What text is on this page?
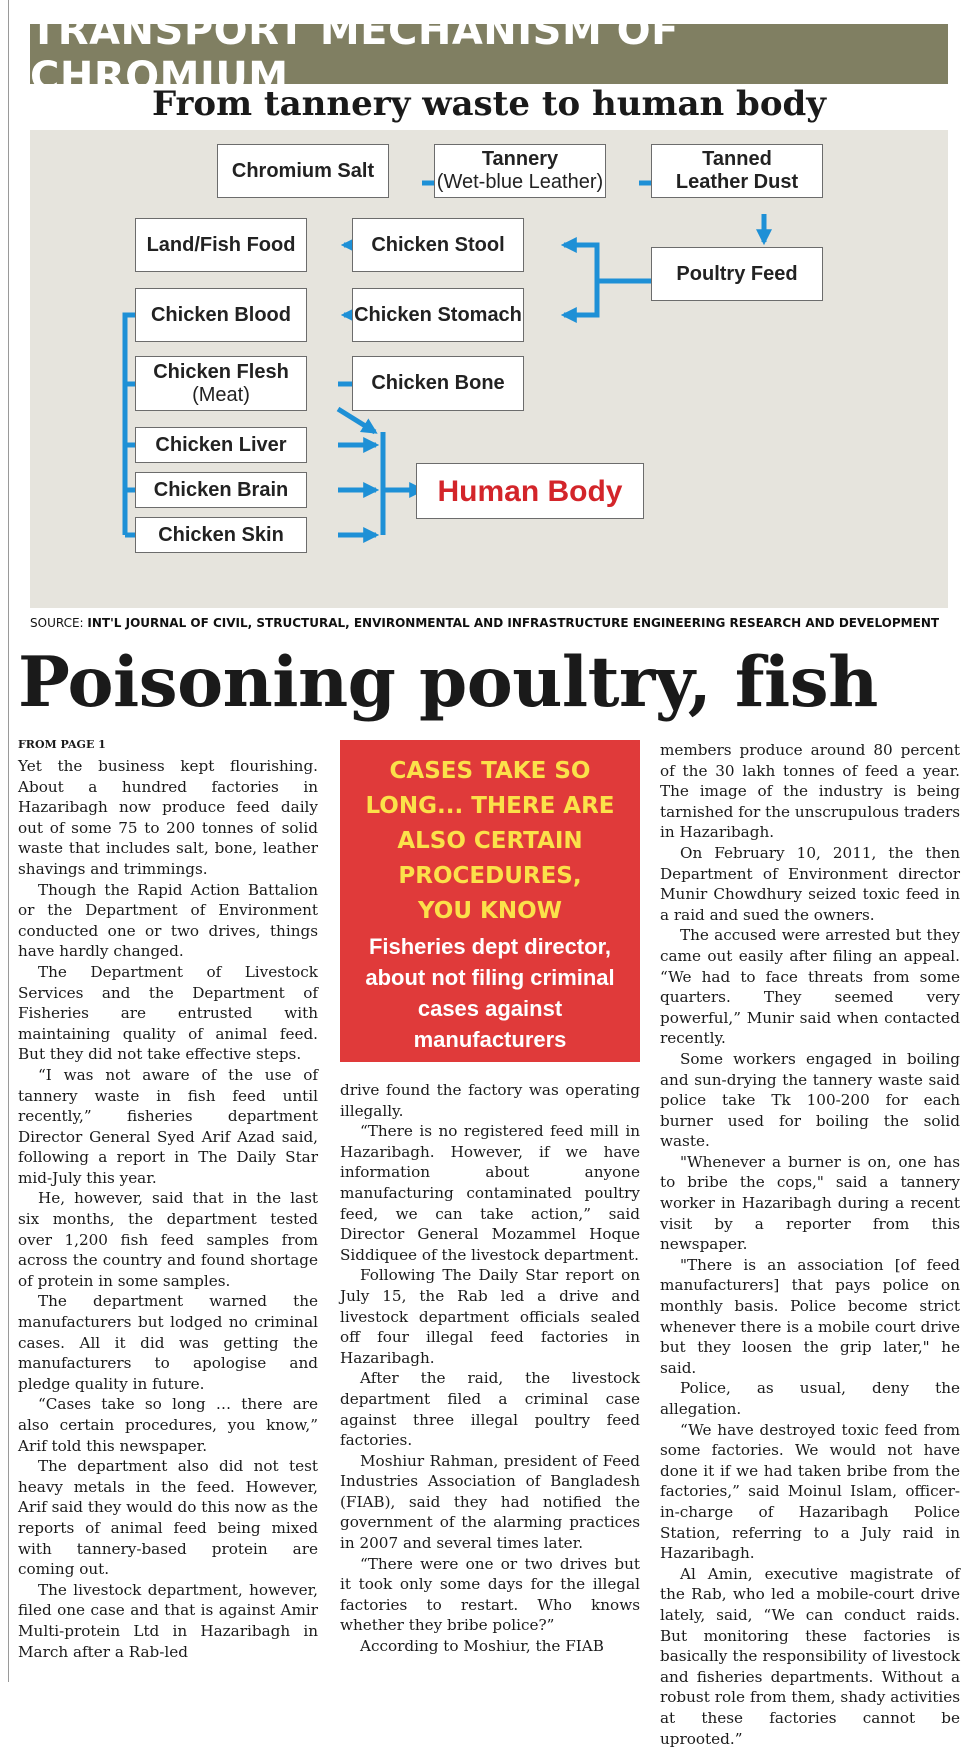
TRANSPORT MECHANISM OF CHROMIUM
From tannery waste to human body
Chromium Salt
Tannery
(Wet-blue Leather)
Tanned
Leather Dust
Poultry Feed
Chicken Stool
Land/Fish Food
Chicken Stomach
Chicken Blood
Chicken Flesh
(Meat)
Chicken Bone
Chicken Liver
Chicken Brain
Chicken Skin
Human Body
SOURCE: INT'L JOURNAL OF CIVIL, STRUCTURAL, ENVIRONMENTAL AND INFRASTRUCTURE ENGINEERING RESEARCH AND DEVELOPMENT
Poisoning poultry, fish
FROM PAGE 1

Yet the business kept flourishing. About a hundred factories in Hazaribagh now produce feed daily out of some 75 to 200 tonnes of solid waste that includes salt, bone, leather shavings and trimmings.

Though the Rapid Action Battalion or the Department of Environment conducted one or two drives, things have hardly changed.

The Department of Livestock Services and the Department of Fisheries are entrusted with maintaining quality of animal feed. But they did not take effective steps.

“I was not aware of the use of tannery waste in fish feed until recently,” fisheries department Director General Syed Arif Azad said, following a report in The Daily Star mid-July this year.

He, however, said that in the last six months, the department tested over 1,200 fish feed samples from across the country and found shortage of protein in some samples.

The department warned the manufacturers but lodged no criminal cases. All it did was getting the manufacturers to apologise and pledge quality in future.

“Cases take so long … there are also certain procedures, you know,” Arif told this newspaper.

The department also did not test heavy metals in the feed. However, Arif said they would do this now as the reports of animal feed being mixed with tannery-based protein are coming out.

The livestock department, however, filed one case and that is against Amir Multi-protein Ltd in Hazaribagh in March after a Rab-led

CASES TAKE SO
LONG... THERE ARE
ALSO CERTAIN
PROCEDURES,
YOU KNOW
Fisheries dept director,
about not filing criminal
cases against manufacturers
for poor feed quality

drive found the factory was operating illegally.

“There is no registered feed mill in Hazaribagh. However, if we have information about anyone manufacturing contaminated poultry feed, we can take action,” said Director General Mozammel Hoque Siddiquee of the livestock department.

Following The Daily Star report on July 15, the Rab led a drive and livestock department officials sealed off four illegal feed factories in Hazaribagh.

After the raid, the livestock department filed a criminal case against three illegal poultry feed factories.

Moshiur Rahman, president of Feed Industries Association of Bangladesh (FIAB), said they had notified the government of the alarming practices in 2007 and several times later.

“There were one or two drives but it took only some days for the illegal factories to restart. Who knows whether they bribe police?”

According to Moshiur, the FIAB

members produce around 80 percent of the 30 lakh tonnes of feed a year. The image of the industry is being tarnished for the unscrupulous traders in Hazaribagh.

On February 10, 2011, the then Department of Environment director Munir Chowdhury seized toxic feed in a raid and sued the owners.

The accused were arrested but they came out easily after filing an appeal. “We had to face threats from some quarters. They seemed very powerful,” Munir said when contacted recently.

Some workers engaged in boiling and sun-drying the tannery waste said police take Tk 100-200 for each burner used for boiling the solid waste.

"Whenever a burner is on, one has to bribe the cops," said a tannery worker in Hazaribagh during a recent visit by a reporter from this newspaper.

"There is an association [of feed manufacturers] that pays police on monthly basis. Police become strict whenever there is a mobile court drive but they loosen the grip later," he said.

Police, as usual, deny the allegation.

“We have destroyed toxic feed from some factories. We would not have done it if we had taken bribe from the factories,” said Moinul Islam, officer-in-charge of Hazaribagh Police Station, referring to a July raid in Hazaribagh.

Al Amin, executive magistrate of the Rab, who led a mobile-court drive lately, said, “We can conduct raids. But monitoring these factories is basically the responsibility of livestock and fisheries departments. Without a robust role from them, shady activities at these factories cannot be uprooted.”
